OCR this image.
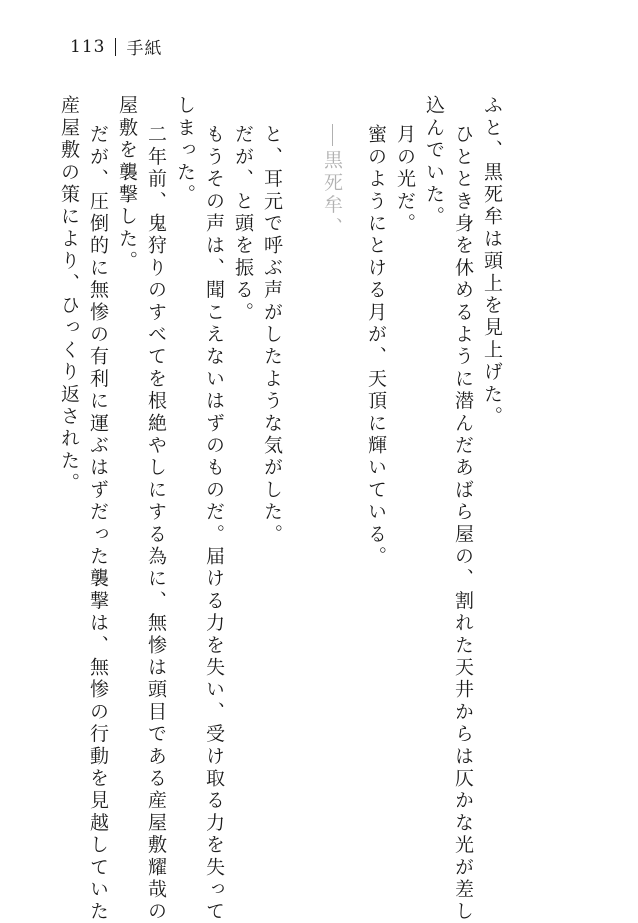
113 手紙
ふと、黒死牟は頭上を見上げた。
ひととき身を休めるように潜んだあばら屋の、割れた天井からは仄かな光が差し
込んでいた。
月の光だ。
蜜のようにとける月が、天頂に輝いている。
黒死牟、
と、耳元で呼ぶ声がしたような気がした。
だが、と頭を振る。
もうその声は、聞こえないはずのものだ。届ける力を失い、受け取る力を失って
しまった。
二年前、鬼狩りのすべてを根絶やしにする為に、無惨は頭目である産屋敷耀哉の
屋敷を襲撃した。
だが、圧倒的に無惨の有利に運ぶはずだった襲撃は、無惨の行動を見越していた
産屋敷の策により、ひっくり返された。
